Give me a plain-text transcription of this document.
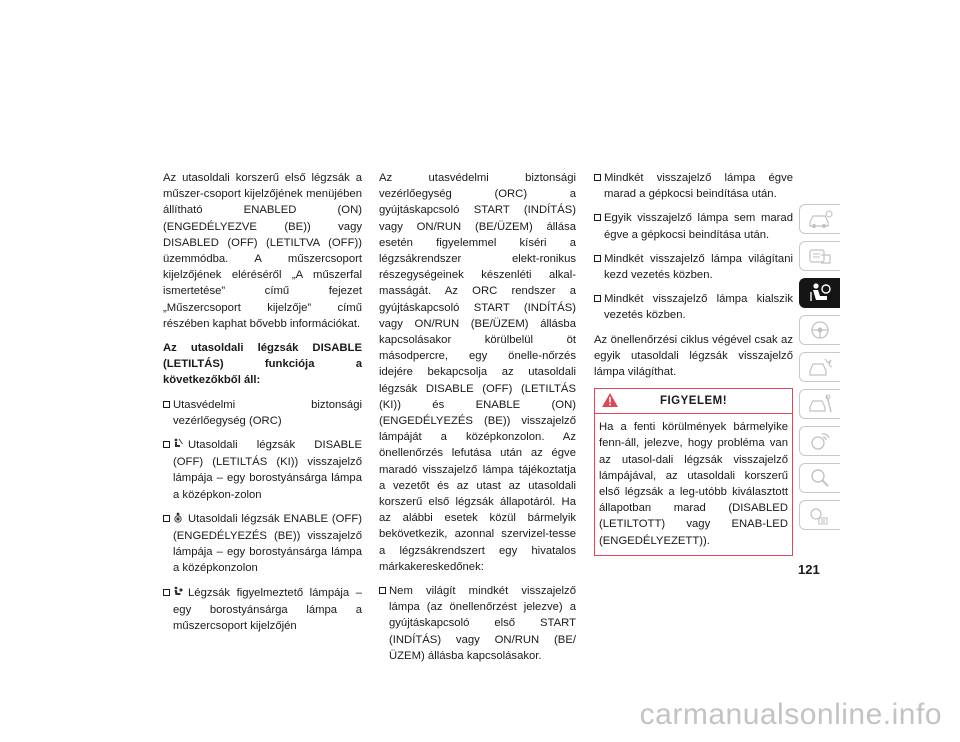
Az utasoldali korszerű első légzsák a műszer-csoport kijelzőjének menüjében állítható ENABLED (ON) (ENGEDÉLYEZVE (BE)) vagy DISABLED (OFF) (LETILTVA (OFF)) üzemmódba. A műszercsoport kijelzőjének eléréséről „A műszerfal ismertetése” című fejezet „Műszercsoport kijelzője” című részében kaphat bővebb információkat.

Az utasoldali légzsák DISABLE (LETILTÁS) funkciója a következőkből áll:

Utasvédelmi biztonsági vezérlőegység (ORC)
Utasoldali légzsák DISABLE (OFF) (LETILTÁS (KI)) visszajelző lámpája – egy borostyánsárga lámpa a középkon-zolon
Utasoldali légzsák ENABLE (OFF) (ENGEDÉLYEZÉS (BE)) visszajelző lámpája – egy borostyánsárga lámpa a középkonzolon
Légzsák figyelmeztető lámpája – egy borostyánsárga lámpa a műszercsoport kijelzőjén

Az utasvédelmi biztonsági vezérlőegység (ORC) a gyújtáskapcsoló START (INDÍTÁS) vagy ON/RUN (BE/ÜZEM) állása esetén figyelemmel kíséri a légzsákrendszer elekt-ronikus részegységeinek készenléti alkal-masságát. Az ORC rendszer a gyújtáskapcsoló START (INDÍTÁS) vagy ON/RUN (BE/ÜZEM) állásba kapcsolásakor körülbelül öt másodpercre, egy önelle-nőrzés idejére bekapcsolja az utasoldali légzsák DISABLE (OFF) (LETILTÁS (KI)) és ENABLE (ON) (ENGEDÉLYEZÉS (BE)) visszajelző lámpáját a középkonzolon. Az önellenőrzés lefutása után az égve maradó visszajelző lámpa tájékoztatja a vezetőt és az utast az utasoldali korszerű első légzsák állapotáról. Ha az alábbi esetek közül bármelyik bekövetkezik, azonnal szervizel-tesse a légzsákrendszert egy hivatalos márkakereskedőnek:

Nem világít mindkét visszajelző lámpa (az önellenőrzést jelezve) a gyújtáskapcsoló első START (INDÍTÁS) vagy ON/RUN (BE/ÜZEM) állásba kapcsolásakor.
Mindkét visszajelző lámpa égve marad a gépkocsi beindítása után.
Egyik visszajelző lámpa sem marad égve a gépkocsi beindítása után.
Mindkét visszajelző lámpa világítani kezd vezetés közben.
Mindkét visszajelző lámpa kialszik vezetés közben.

Az önellenőrzési ciklus végével csak az egyik utasoldali légzsák visszajelző lámpa világíthat.

FIGYELEM!
Ha a fenti körülmények bármelyike fenn-áll, jelezve, hogy probléma van az utasol-dali légzsák visszajelző lámpájával, az utasoldali korszerű első légzsák a leg-utóbb kiválasztott állapotban marad (DISABLED (LETILTOTT) vagy ENAB-LED (ENGEDÉLYEZETT)).
121
carmanualsonline.info
